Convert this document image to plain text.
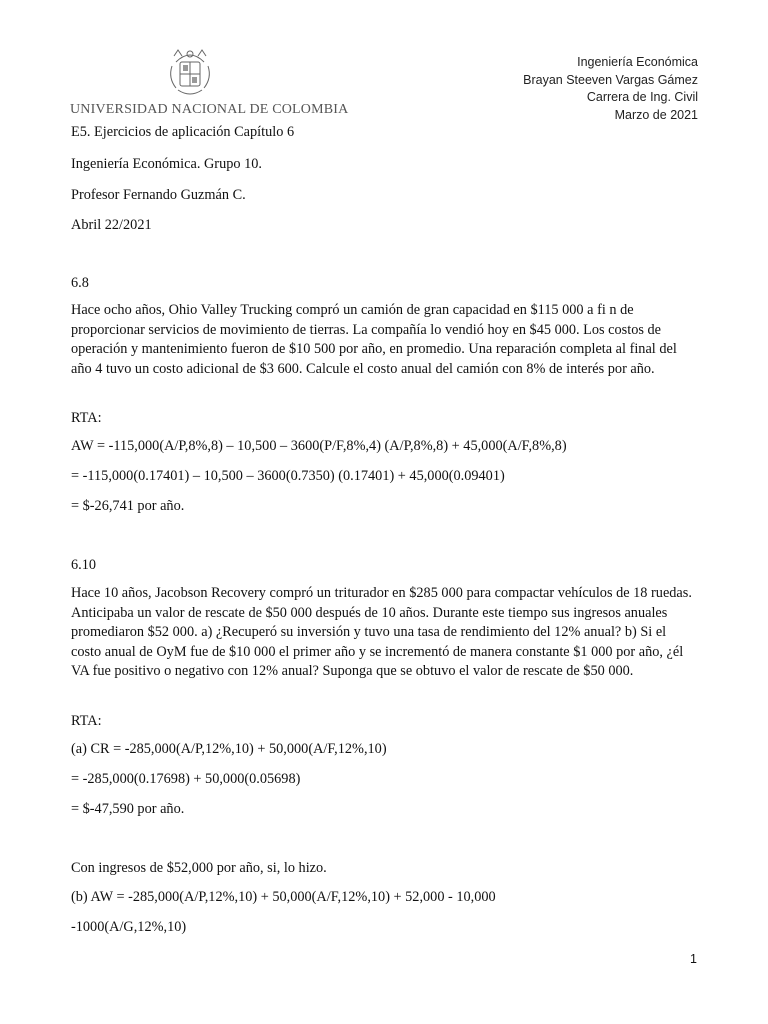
UNIVERSIDAD NACIONAL DE COLOMBIA
Ingeniería Económica
Brayan Steeven Vargas Gámez
Carrera de Ing. Civil
Marzo de 2021
E5. Ejercicios de aplicación Capítulo 6
Ingeniería Económica. Grupo 10.
Profesor Fernando Guzmán C.
Abril 22/2021
6.8
Hace ocho años, Ohio Valley Trucking compró un camión de gran capacidad en $115 000 a fi n de proporcionar servicios de movimiento de tierras. La compañía lo vendió hoy en $45 000. Los costos de operación y mantenimiento fueron de $10 500 por año, en promedio. Una reparación completa al final del año 4 tuvo un costo adicional de $3 600. Calcule el costo anual del camión con 8% de interés por año.
RTA:
AW = -115,000(A/P,8%,8) – 10,500 – 3600(P/F,8%,4) (A/P,8%,8) + 45,000(A/F,8%,8)
= -115,000(0.17401) – 10,500 – 3600(0.7350) (0.17401) + 45,000(0.09401)
= $-26,741 por año.
6.10
Hace 10 años, Jacobson Recovery compró un triturador en $285 000 para compactar vehículos de 18 ruedas. Anticipaba un valor de rescate de $50 000 después de 10 años. Durante este tiempo sus ingresos anuales promediaron $52 000. a) ¿Recuperó su inversión y tuvo una tasa de rendimiento del 12% anual? b) Si el costo anual de OyM fue de $10 000 el primer año y se incrementó de manera constante $1 000 por año, ¿él VA fue positivo o negativo con 12% anual? Suponga que se obtuvo el valor de rescate de $50 000.
RTA:
(a) CR = -285,000(A/P,12%,10) + 50,000(A/F,12%,10)
= -285,000(0.17698) + 50,000(0.05698)
= $-47,590 por año.
Con ingresos de $52,000 por año, si, lo hizo.
(b) AW = -285,000(A/P,12%,10) + 50,000(A/F,12%,10) + 52,000 - 10,000
-1000(A/G,12%,10)
1
